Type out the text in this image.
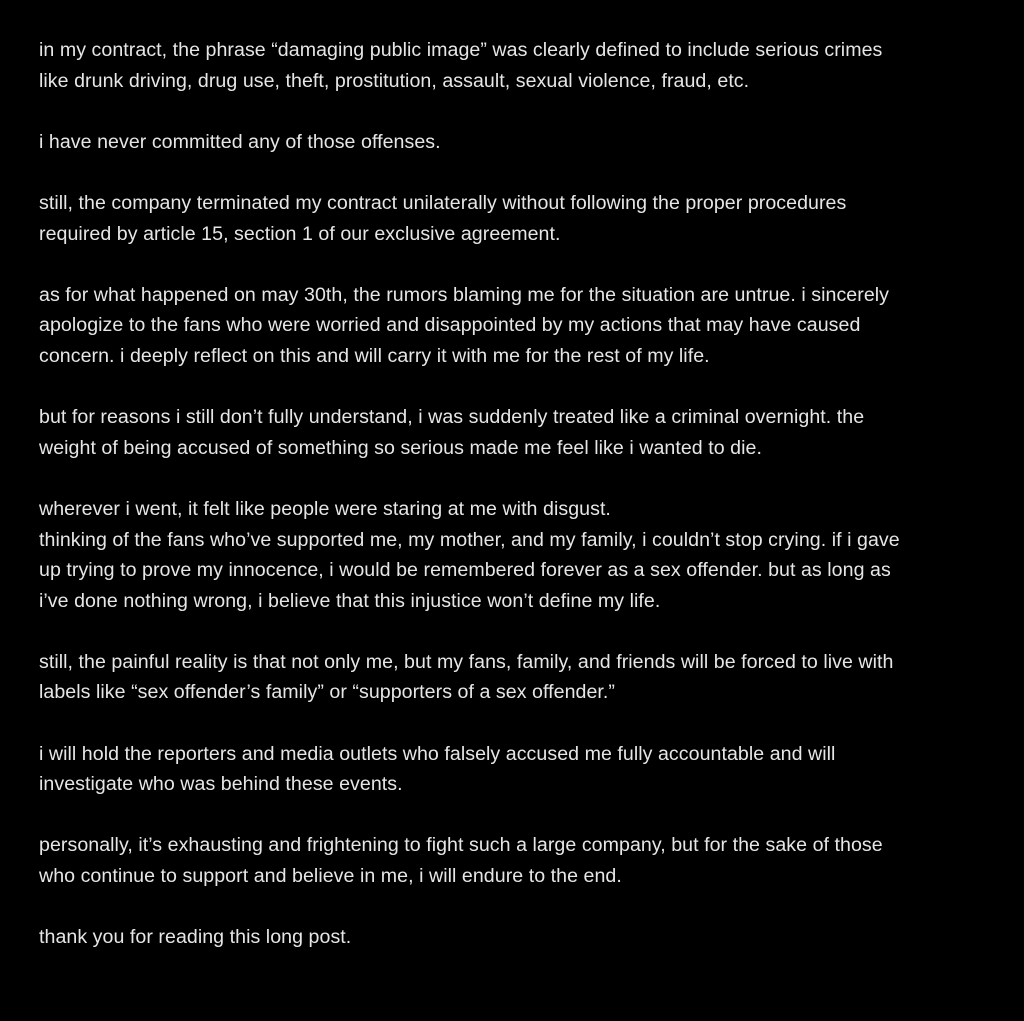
in my contract, the phrase “damaging public image” was clearly defined to include serious crimes
like drunk driving, drug use, theft, prostitution, assault, sexual violence, fraud, etc.
i have never committed any of those offenses.
still, the company terminated my contract unilaterally without following the proper procedures
required by article 15, section 1 of our exclusive agreement.
as for what happened on may 30th, the rumors blaming me for the situation are untrue. i sincerely
apologize to the fans who were worried and disappointed by my actions that may have caused
concern. i deeply reflect on this and will carry it with me for the rest of my life.
but for reasons i still don’t fully understand, i was suddenly treated like a criminal overnight. the
weight of being accused of something so serious made me feel like i wanted to die.
wherever i went, it felt like people were staring at me with disgust.
thinking of the fans who’ve supported me, my mother, and my family, i couldn’t stop crying. if i gave
up trying to prove my innocence, i would be remembered forever as a sex offender. but as long as
i’ve done nothing wrong, i believe that this injustice won’t define my life.
still, the painful reality is that not only me, but my fans, family, and friends will be forced to live with
labels like “sex offender’s family” or “supporters of a sex offender.”
i will hold the reporters and media outlets who falsely accused me fully accountable and will
investigate who was behind these events.
personally, it’s exhausting and frightening to fight such a large company, but for the sake of those
who continue to support and believe in me, i will endure to the end.
thank you for reading this long post.
